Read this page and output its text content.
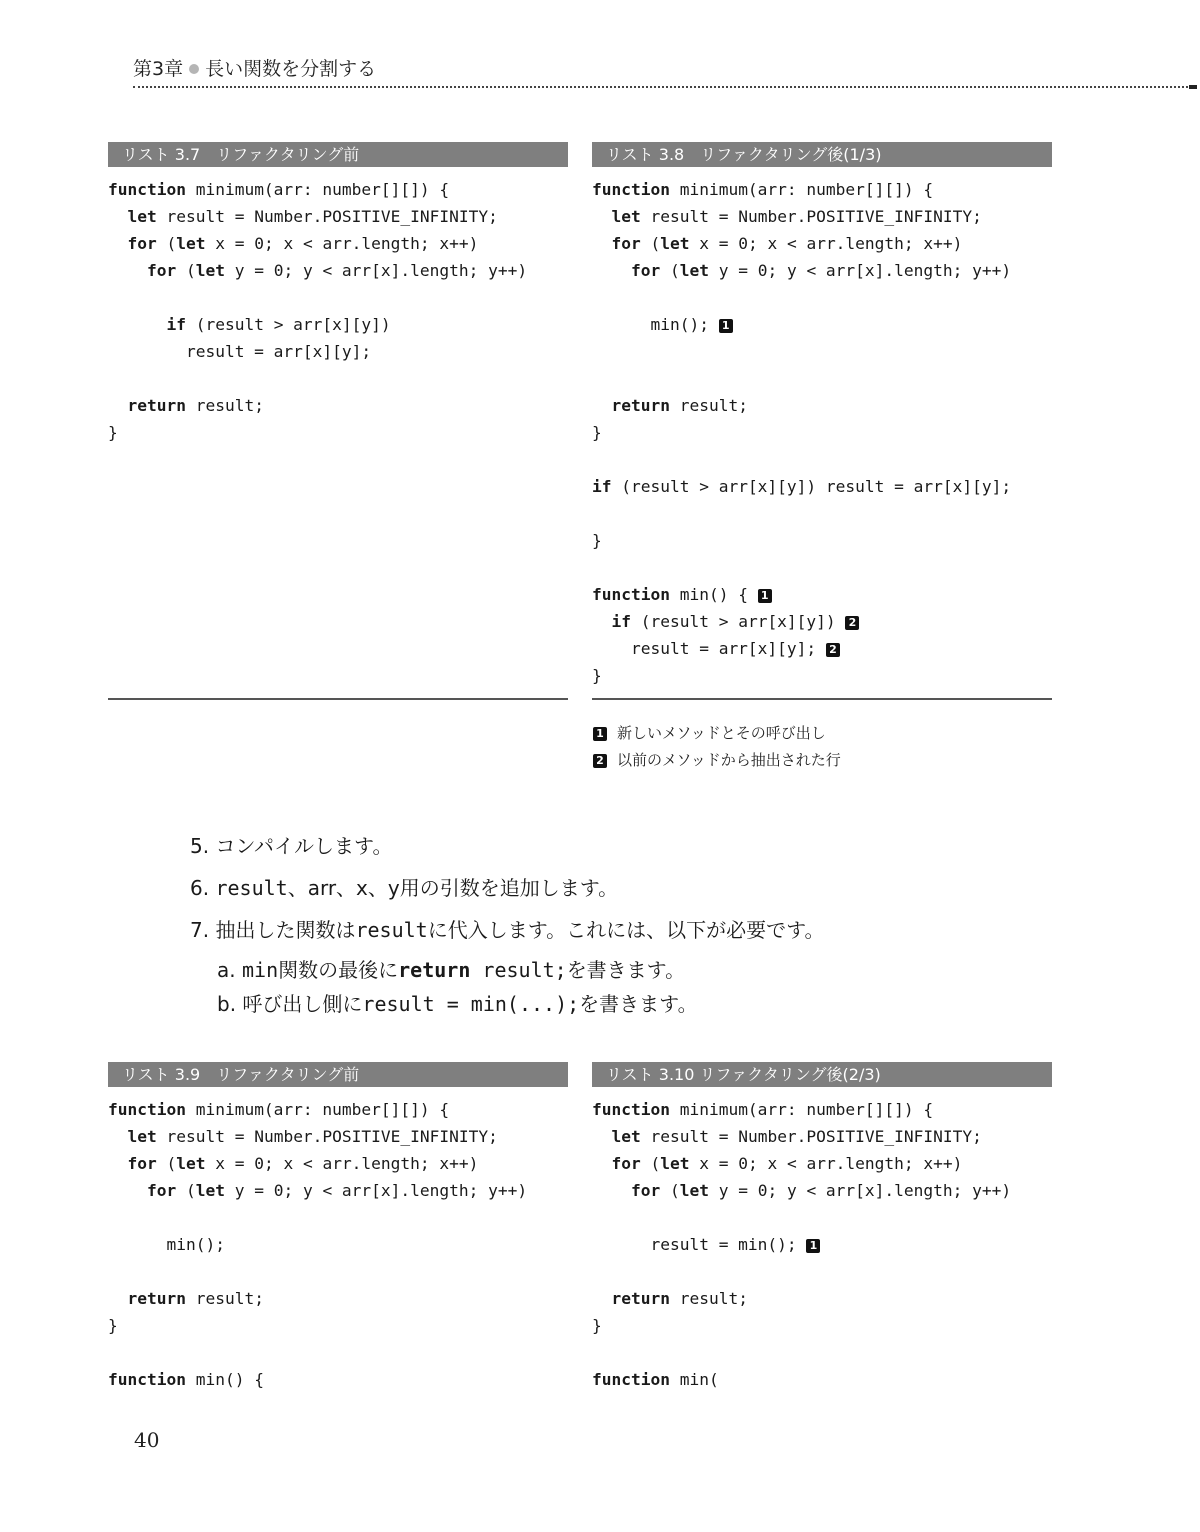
第3章 長い関数を分割する
リスト 3.7　リファクタリング前
function minimum(arr: number[][]) {
let result = Number.POSITIVE_INFINITY;
for (let x = 0; x < arr.length; x++)
for (let y = 0; y < arr[x].length; y++)
if (result > arr[x][y])
result = arr[x][y];
return result;
}
リスト 3.8　リファクタリング後(1/3)
function minimum(arr: number[][]) {
let result = Number.POSITIVE_INFINITY;
for (let x = 0; x < arr.length; x++)
for (let y = 0; y < arr[x].length; y++)
min(); 1
return result;
}
if (result > arr[x][y]) result = arr[x][y];
}
function min() { 1
if (result > arr[x][y]) 2
result = arr[x][y]; 2
}
1 新しいメソッドとその呼び出し
2 以前のメソッドから抽出された行
5. コンパイルします。
6. result、arr、x、y用の引数を追加します。
7. 抽出した関数はresultに代入します。これには、以下が必要です。
a. min関数の最後にreturn result;を書きます。
b. 呼び出し側にresult = min(...);を書きます。
リスト 3.9　リファクタリング前
function minimum(arr: number[][]) {
let result = Number.POSITIVE_INFINITY;
for (let x = 0; x < arr.length; x++)
for (let y = 0; y < arr[x].length; y++)
min();
return result;
}
function min() {
リスト 3.10 リファクタリング後(2/3)
function minimum(arr: number[][]) {
let result = Number.POSITIVE_INFINITY;
for (let x = 0; x < arr.length; x++)
for (let y = 0; y < arr[x].length; y++)
result = min(); 1
return result;
}
function min(
40
